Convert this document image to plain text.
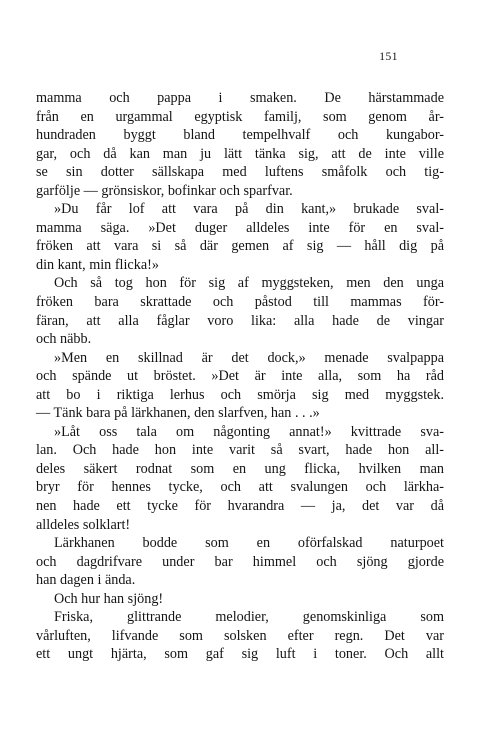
151
mamma och pappa i smaken. De härstammade
från en urgammal egyptisk familj, som genom år-
hundraden byggt bland tempelhvalf och kungabor-
gar, och då kan man ju lätt tänka sig, att de inte ville
se sin dotter sällskapa med luftens småfolk och tig-
garfölje — grönsiskor, bofinkar och sparfvar.
»Du får lof att vara på din kant,» brukade sval-
mamma säga. »Det duger alldeles inte för en sval-
fröken att vara si så där gemen af sig — håll dig på
din kant, min flicka!»
Och så tog hon för sig af myggsteken, men den unga
fröken bara skrattade och påstod till mammas för-
färan, att alla fåglar voro lika: alla hade de vingar
och näbb.
»Men en skillnad är det dock,» menade svalpappa
och spände ut bröstet. »Det är inte alla, som ha råd
att bo i riktiga lerhus och smörja sig med myggstek.
— Tänk bara på lärkhanen, den slarfven, han . . .»
»Låt oss tala om någonting annat!» kvittrade sva-
lan. Och hade hon inte varit så svart, hade hon all-
deles säkert rodnat som en ung flicka, hvilken man
bryr för hennes tycke, och att svalungen och lärkha-
nen hade ett tycke för hvarandra — ja, det var då
alldeles solklart!
Lärkhanen bodde som en oförfalskad naturpoet
och dagdrifvare under bar himmel och sjöng gjorde
han dagen i ända.
Och hur han sjöng!
Friska, glittrande melodier, genomskinliga som
vårluften, lifvande som solsken efter regn. Det var
ett ungt hjärta, som gaf sig luft i toner. Och allt
